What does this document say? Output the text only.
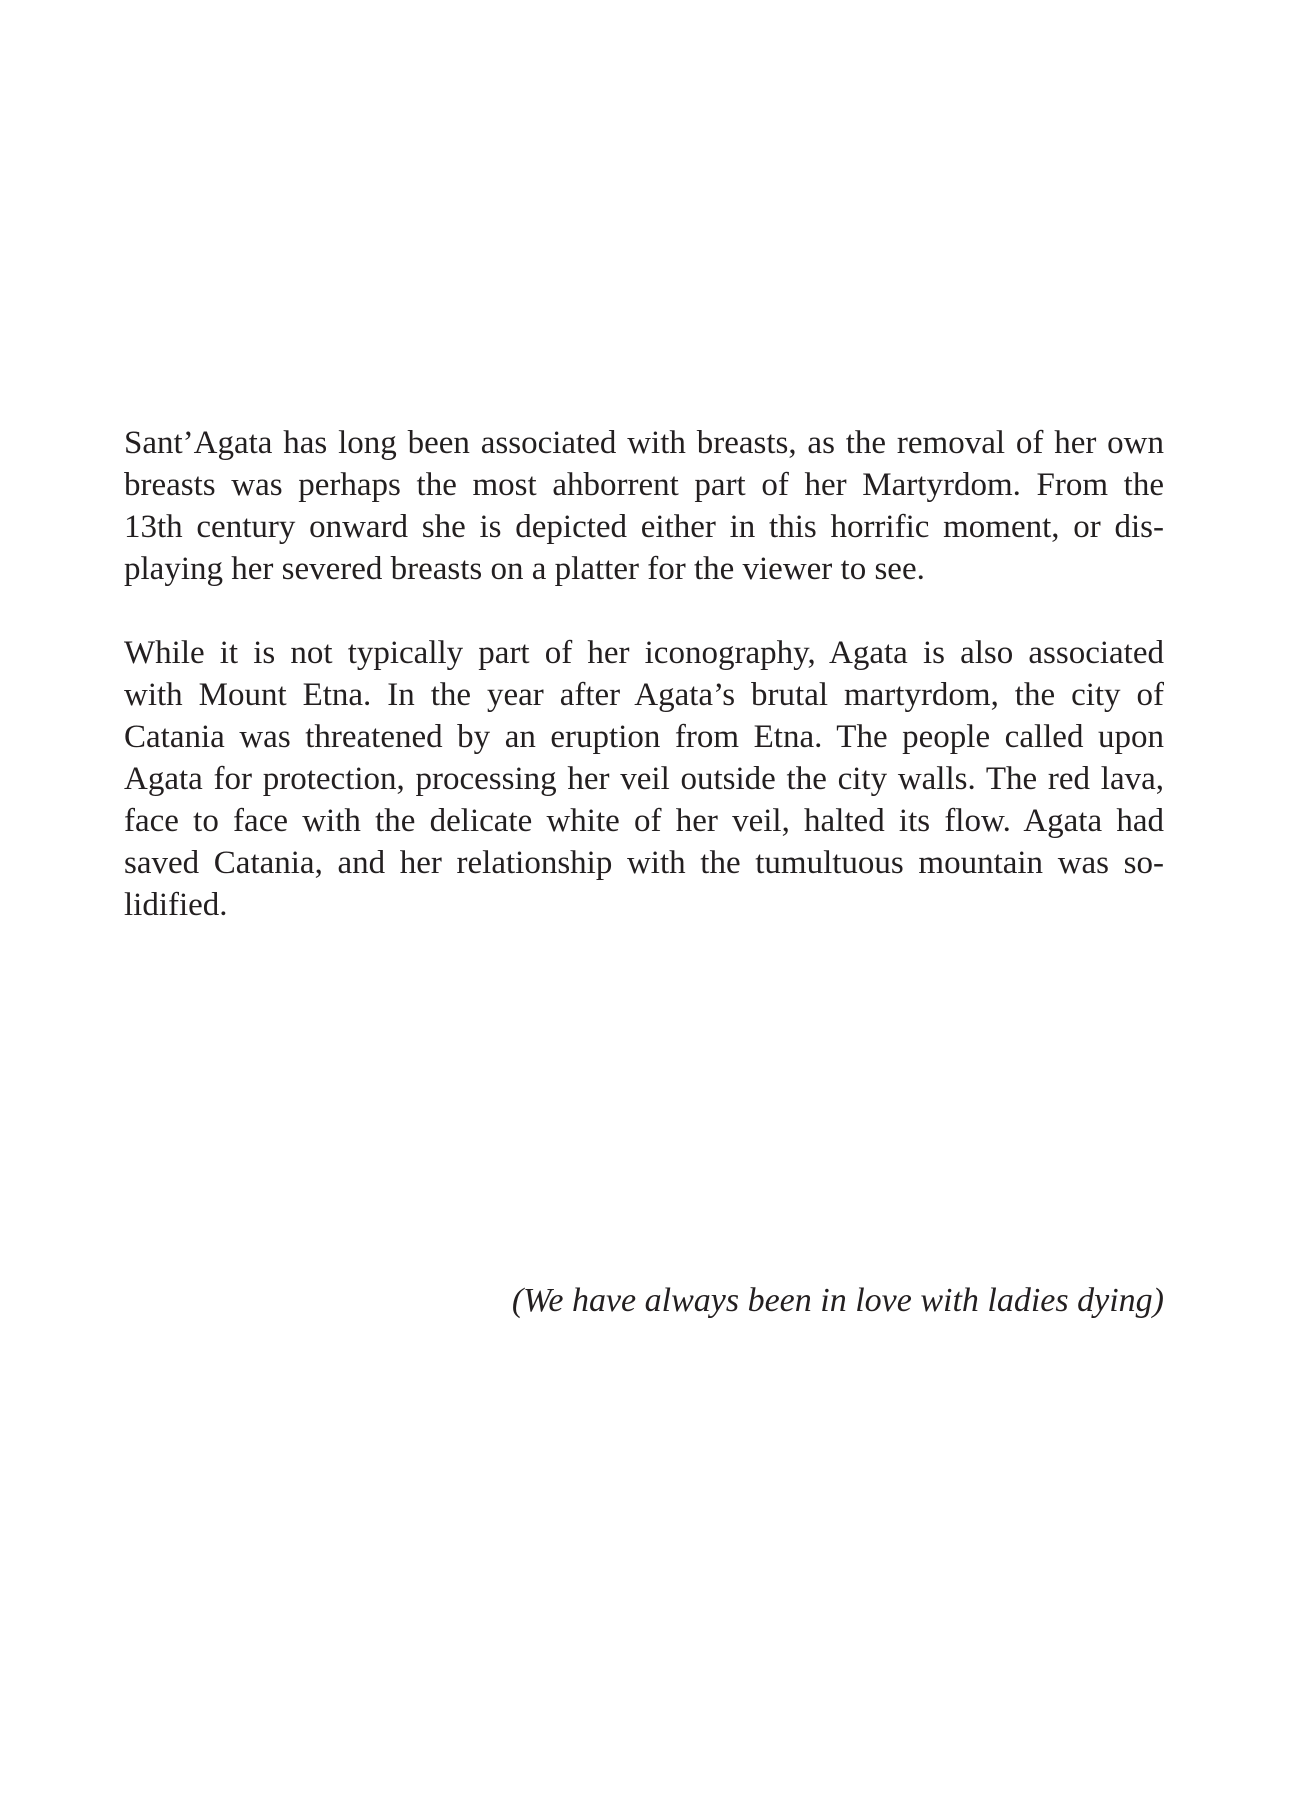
Sant’Agata has long been associated with breasts, as the removal of her own
breasts was perhaps the most ahborrent part of her Martyrdom. From the
13th century onward she is depicted either in this horrific moment, or dis-
playing her severed breasts on a platter for the viewer to see.
While it is not typically part of her iconography, Agata is also associated
with Mount Etna. In the year after Agata’s brutal martyrdom, the city of
Catania was threatened by an eruption from Etna. The people called upon
Agata for protection, processing her veil outside the city walls. The red lava,
face to face with the delicate white of her veil, halted its flow. Agata had
saved Catania, and her relationship with the tumultuous mountain was so-
lidified.
(We have always been in love with ladies dying)
